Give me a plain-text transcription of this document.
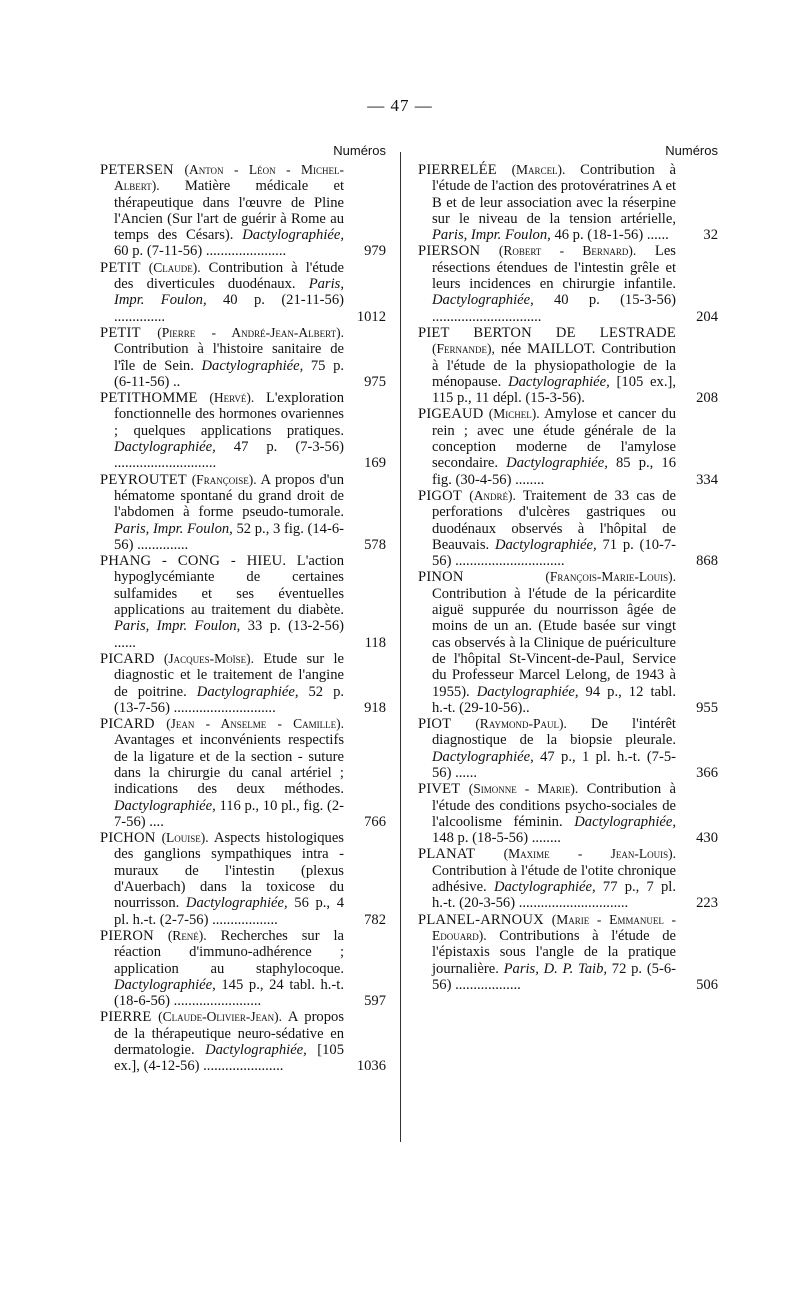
— 47 —
Numéros
PETERSEN (Anton - Léon - Michel-Albert). Matière médicale et thérapeutique dans l'œuvre de Pline l'Ancien (Sur l'art de guérir à Rome au temps des Césars). Dactylographiée, 60 p. (7-11-56) ......................	979
PETIT (Claude). Contribution à l'étude des diverticules duodénaux. Paris, Impr. Foulon, 40 p. (21-11-56) ..............	1012
PETIT (Pierre - André-Jean-Albert). Contribution à l'histoire sanitaire de l'île de Sein. Dactylographiée, 75 p. (6-11-56) ..	975
PETITHOMME (Hervé). L'exploration fonctionnelle des hormones ovariennes ; quelques applications pratiques. Dactylographiée, 47 p. (7-3-56) ............................	169
PEYROUTET (Françoise). A propos d'un hématome spontané du grand droit de l'abdomen à forme pseudo-tumorale. Paris, Impr. Foulon, 52 p., 3 fig. (14-6-56) ..............	578
PHANG - CONG - HIEU. L'action hypoglycémiante de certaines sulfamides et ses éventuelles applications au traitement du diabète. Paris, Impr. Foulon, 33 p. (13-2-56) ......	118
PICARD (Jacques-Moïse). Etude sur le diagnostic et le traitement de l'angine de poitrine. Dactylographiée, 52 p. (13-7-56) ............................	918
PICARD (Jean - Anselme - Camille). Avantages et inconvénients respectifs de la ligature et de la section - suture dans la chirurgie du canal artériel ; indications des deux méthodes. Dactylographiée, 116 p., 10 pl., fig. (2-7-56) ....	766
PICHON (Louise). Aspects histologiques des ganglions sympathiques intra - muraux de l'intestin (plexus d'Auerbach) dans la toxicose du nourrisson. Dactylographiée, 56 p., 4 pl. h.-t. (2-7-56) ..................	782
PIERON (René). Recherches sur la réaction d'immuno-adhérence ; application au staphylocoque. Dactylographiée, 145 p., 24 tabl. h.-t. (18-6-56) ........................	597
PIERRE (Claude-Olivier-Jean). A propos de la thérapeutique neuro-sédative en dermatologie. Dactylographiée, [105 ex.], (4-12-56) ......................	1036
Numéros
PIERRELÉE (Marcel). Contribution à l'étude de l'action des protovératrines A et B et de leur association avec la réserpine sur le niveau de la tension artérielle, Paris, Impr. Foulon, 46 p. (18-1-56) ......	32
PIERSON (Robert - Bernard). Les résections étendues de l'intestin grêle et leurs incidences en chirurgie infantile. Dactylographiée, 40 p. (15-3-56) ..............................	204
PIET BERTON DE LESTRADE (Fernande), née MAILLOT. Contribution à l'étude de la physiopathologie de la ménopause. Dactylographiée, [105 ex.], 115 p., 11 dépl. (15-3-56).	208
PIGEAUD (Michel). Amylose et cancer du rein ; avec une étude générale de la conception moderne de l'amylose secondaire. Dactylographiée, 85 p., 16 fig. (30-4-56) ........	334
PIGOT (André). Traitement de 33 cas de perforations d'ulcères gastriques ou duodénaux observés à l'hôpital de Beauvais. Dactylographiée, 71 p. (10-7-56) ..............................	868
PINON	(François-Marie-Louis). Contribution à l'étude de la péricardite aiguë suppurée du nourrisson âgée de moins de un an. (Etude basée sur vingt cas observés à la Clinique de puériculture de l'hôpital St-Vincent-de-Paul, Service du Professeur Marcel Lelong, de 1943 à 1955). Dactylographiée, 94 p., 12 tabl. h.-t. (29-10-56)..	955
PIOT (Raymond-Paul). De l'intérêt diagnostique de la biopsie pleurale. Dactylographiée, 47 p., 1 pl. h.-t. (7-5-56) ......	366
PIVET (Simonne - Marie). Contribution à l'étude des conditions psycho-sociales de l'alcoolisme féminin. Dactylographiée, 148 p. (18-5-56) ........	430
PLANAT (Maxime - Jean-Louis). Contribution à l'étude de l'otite chronique adhésive. Dactylographiée, 77 p., 7 pl. h.-t. (20-3-56) ..............................	223
PLANEL-ARNOUX (Marie - Emmanuel - Edouard). Contributions à l'étude de l'épistaxis sous l'angle de la pratique journalière. Paris, D. P. Taib, 72 p. (5-6-56) ..................	506
